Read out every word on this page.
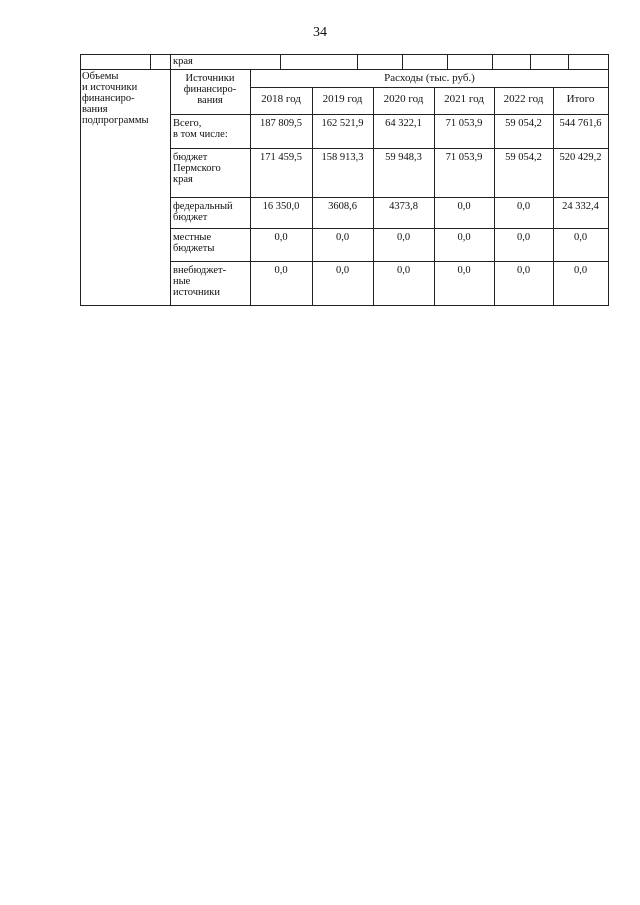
34
края
Объемы
и источники
финансиро-
вания
подпрограммы
Источники
финансиро-
вания
Расходы (тыс. руб.)
2018 год	2019 год	2020 год	2021 год	2022 год	Итого
Всего,
в том числе:
187 809,5	162 521,9	64 322,1	71 053,9	59 054,2	544 761,6
бюджет
Пермского
края
171 459,5	158 913,3	59 948,3	71 053,9	59 054,2	520 429,2
федеральный
бюджет
16 350,0	3608,6	4373,8	0,0	0,0	24 332,4
местные
бюджеты
0,0	0,0	0,0	0,0	0,0	0,0
внебюджет-
ные
источники
0,0	0,0	0,0	0,0	0,0	0,0
